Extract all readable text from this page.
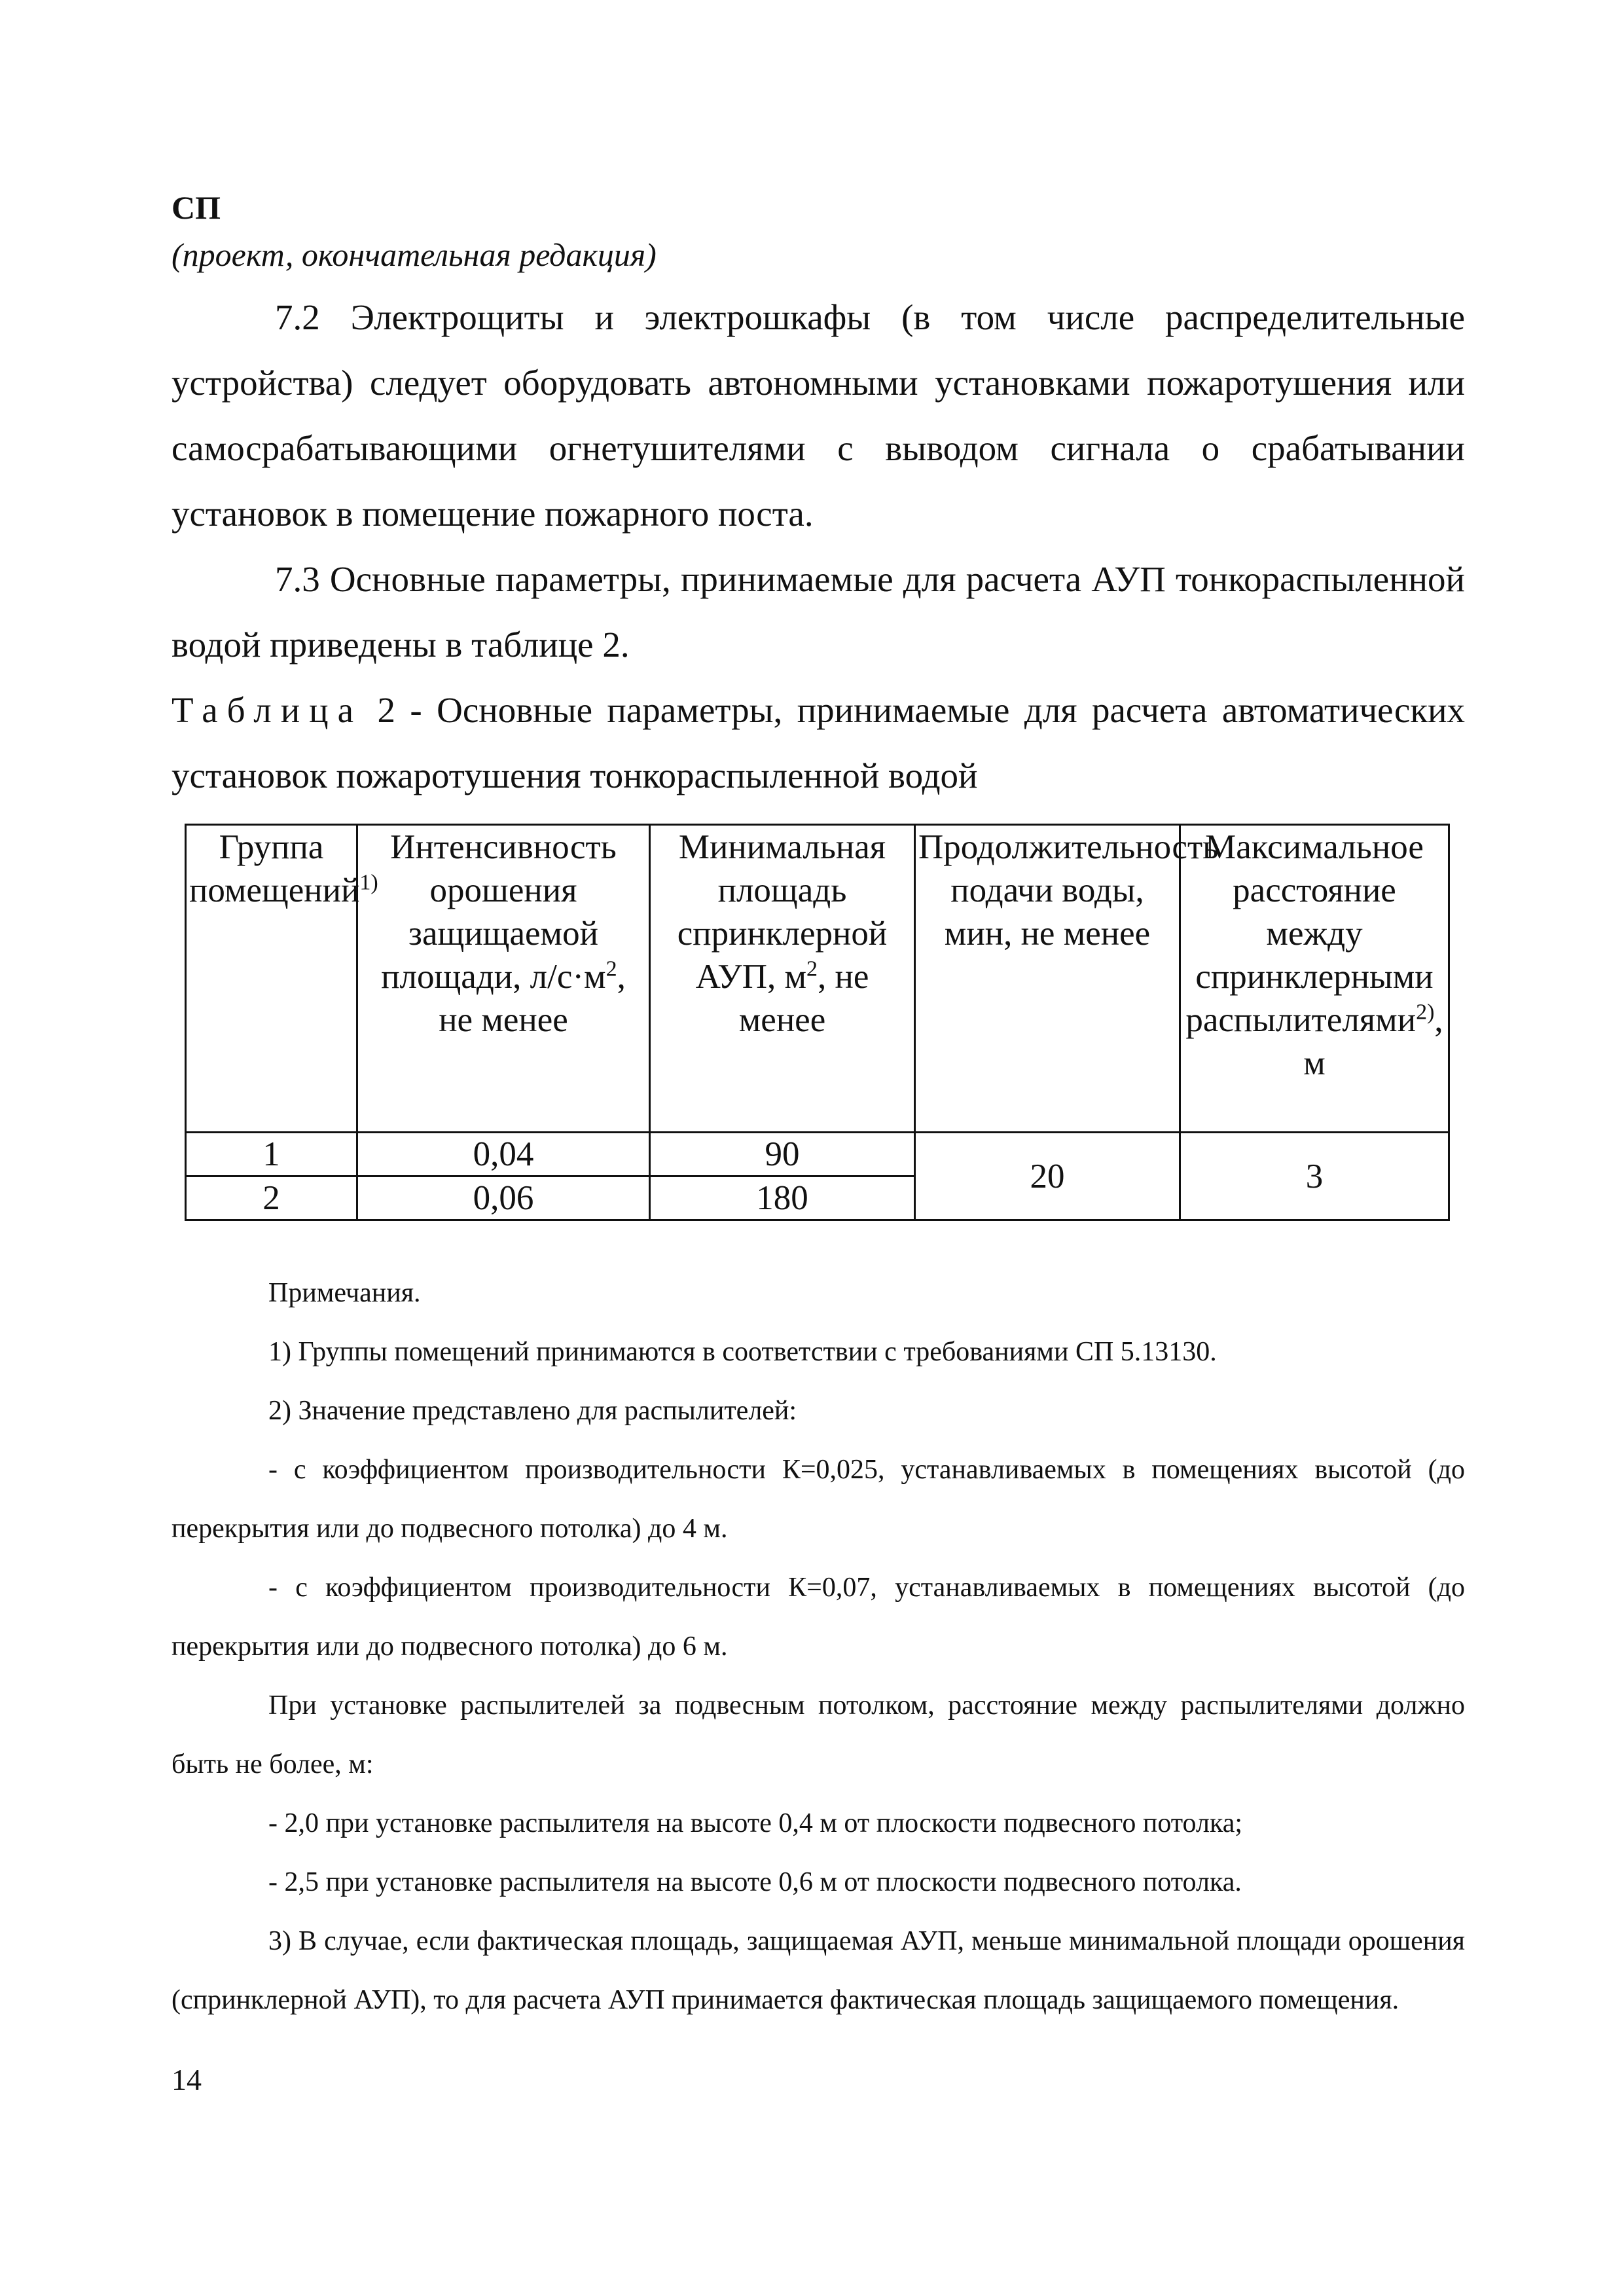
СП
(проект, окончательная редакция)
7.2 Электрощиты и электрошкафы (в том числе распределительные устройства) следует оборудовать автономными установками пожаротушения или самосрабатывающими огнетушителями с выводом сигнала о срабатывании установок в помещение пожарного поста.
7.3 Основные параметры, принимаемые для расчета АУП тонкораспыленной водой приведены в таблице 2.
Таблица 2 - Основные параметры, принимаемые для расчета автоматических установок пожаротушения тонкораспыленной водой
Группа помещений$^{1)}$	Интенсивность орошения защищаемой площади, $л/с\cdot м^2$, не менее	Минимальная площадь спринклерной АУП, $м^2$, не менее	Продолжительность подачи воды, мин, не менее	Максимальное расстояние между спринклерными распылителями$^{2)}$, м
1	0,04	90	20	3
2	0,06	180		

Примечания.

1) Группы помещений принимаются в соответствии с требованиями СП 5.13130.

2) Значение представлено для распылителей:

- с коэффициентом производительности К=0,025, устанавливаемых в помещениях высотой (до перекрытия или до подвесного потолка) до 4 м.

- с коэффициентом производительности К=0,07, устанавливаемых в помещениях высотой (до перекрытия или до подвесного потолка) до 6 м.

При установке распылителей за подвесным потолком, расстояние между распылителями должно быть не более, м:

- 2,0 при установке распылителя на высоте 0,4 м от плоскости подвесного потолка;

- 2,5 при установке распылителя на высоте 0,6 м от плоскости подвесного потолка.

3) В случае, если фактическая площадь, защищаемая АУП, меньше минимальной площади орошения (спринклерной АУП), то для расчета АУП принимается фактическая площадь защищаемого помещения.

14
